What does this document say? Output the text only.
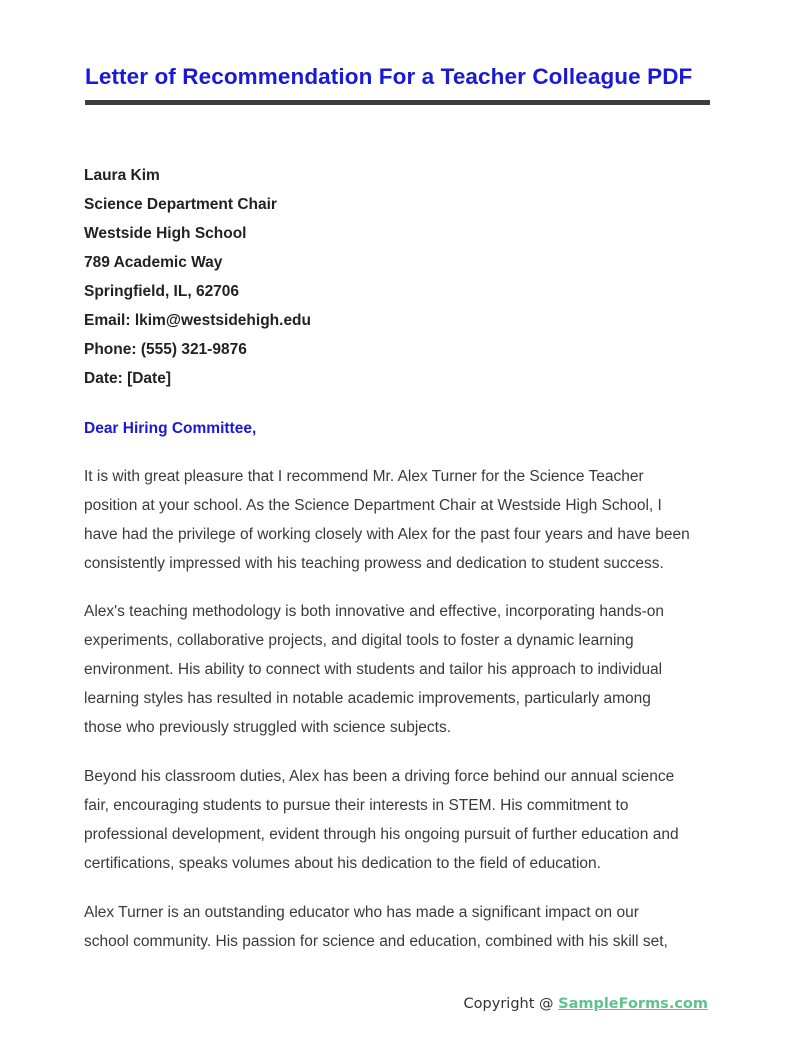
Letter of Recommendation For a Teacher Colleague PDF
Laura Kim
Science Department Chair
Westside High School
789 Academic Way
Springfield, IL, 62706
Email: lkim@westsidehigh.edu
Phone: (555) 321-9876
Date: [Date]

Dear Hiring Committee,

It is with great pleasure that I recommend Mr. Alex Turner for the Science Teacher
position at your school. As the Science Department Chair at Westside High School, I
have had the privilege of working closely with Alex for the past four years and have been
consistently impressed with his teaching prowess and dedication to student success.

Alex's teaching methodology is both innovative and effective, incorporating hands-on
experiments, collaborative projects, and digital tools to foster a dynamic learning
environment. His ability to connect with students and tailor his approach to individual
learning styles has resulted in notable academic improvements, particularly among
those who previously struggled with science subjects.

Beyond his classroom duties, Alex has been a driving force behind our annual science
fair, encouraging students to pursue their interests in STEM. His commitment to
professional development, evident through his ongoing pursuit of further education and
certifications, speaks volumes about his dedication to the field of education.

Alex Turner is an outstanding educator who has made a significant impact on our
school community. His passion for science and education, combined with his skill set,

Copyright @ SampleForms.com
